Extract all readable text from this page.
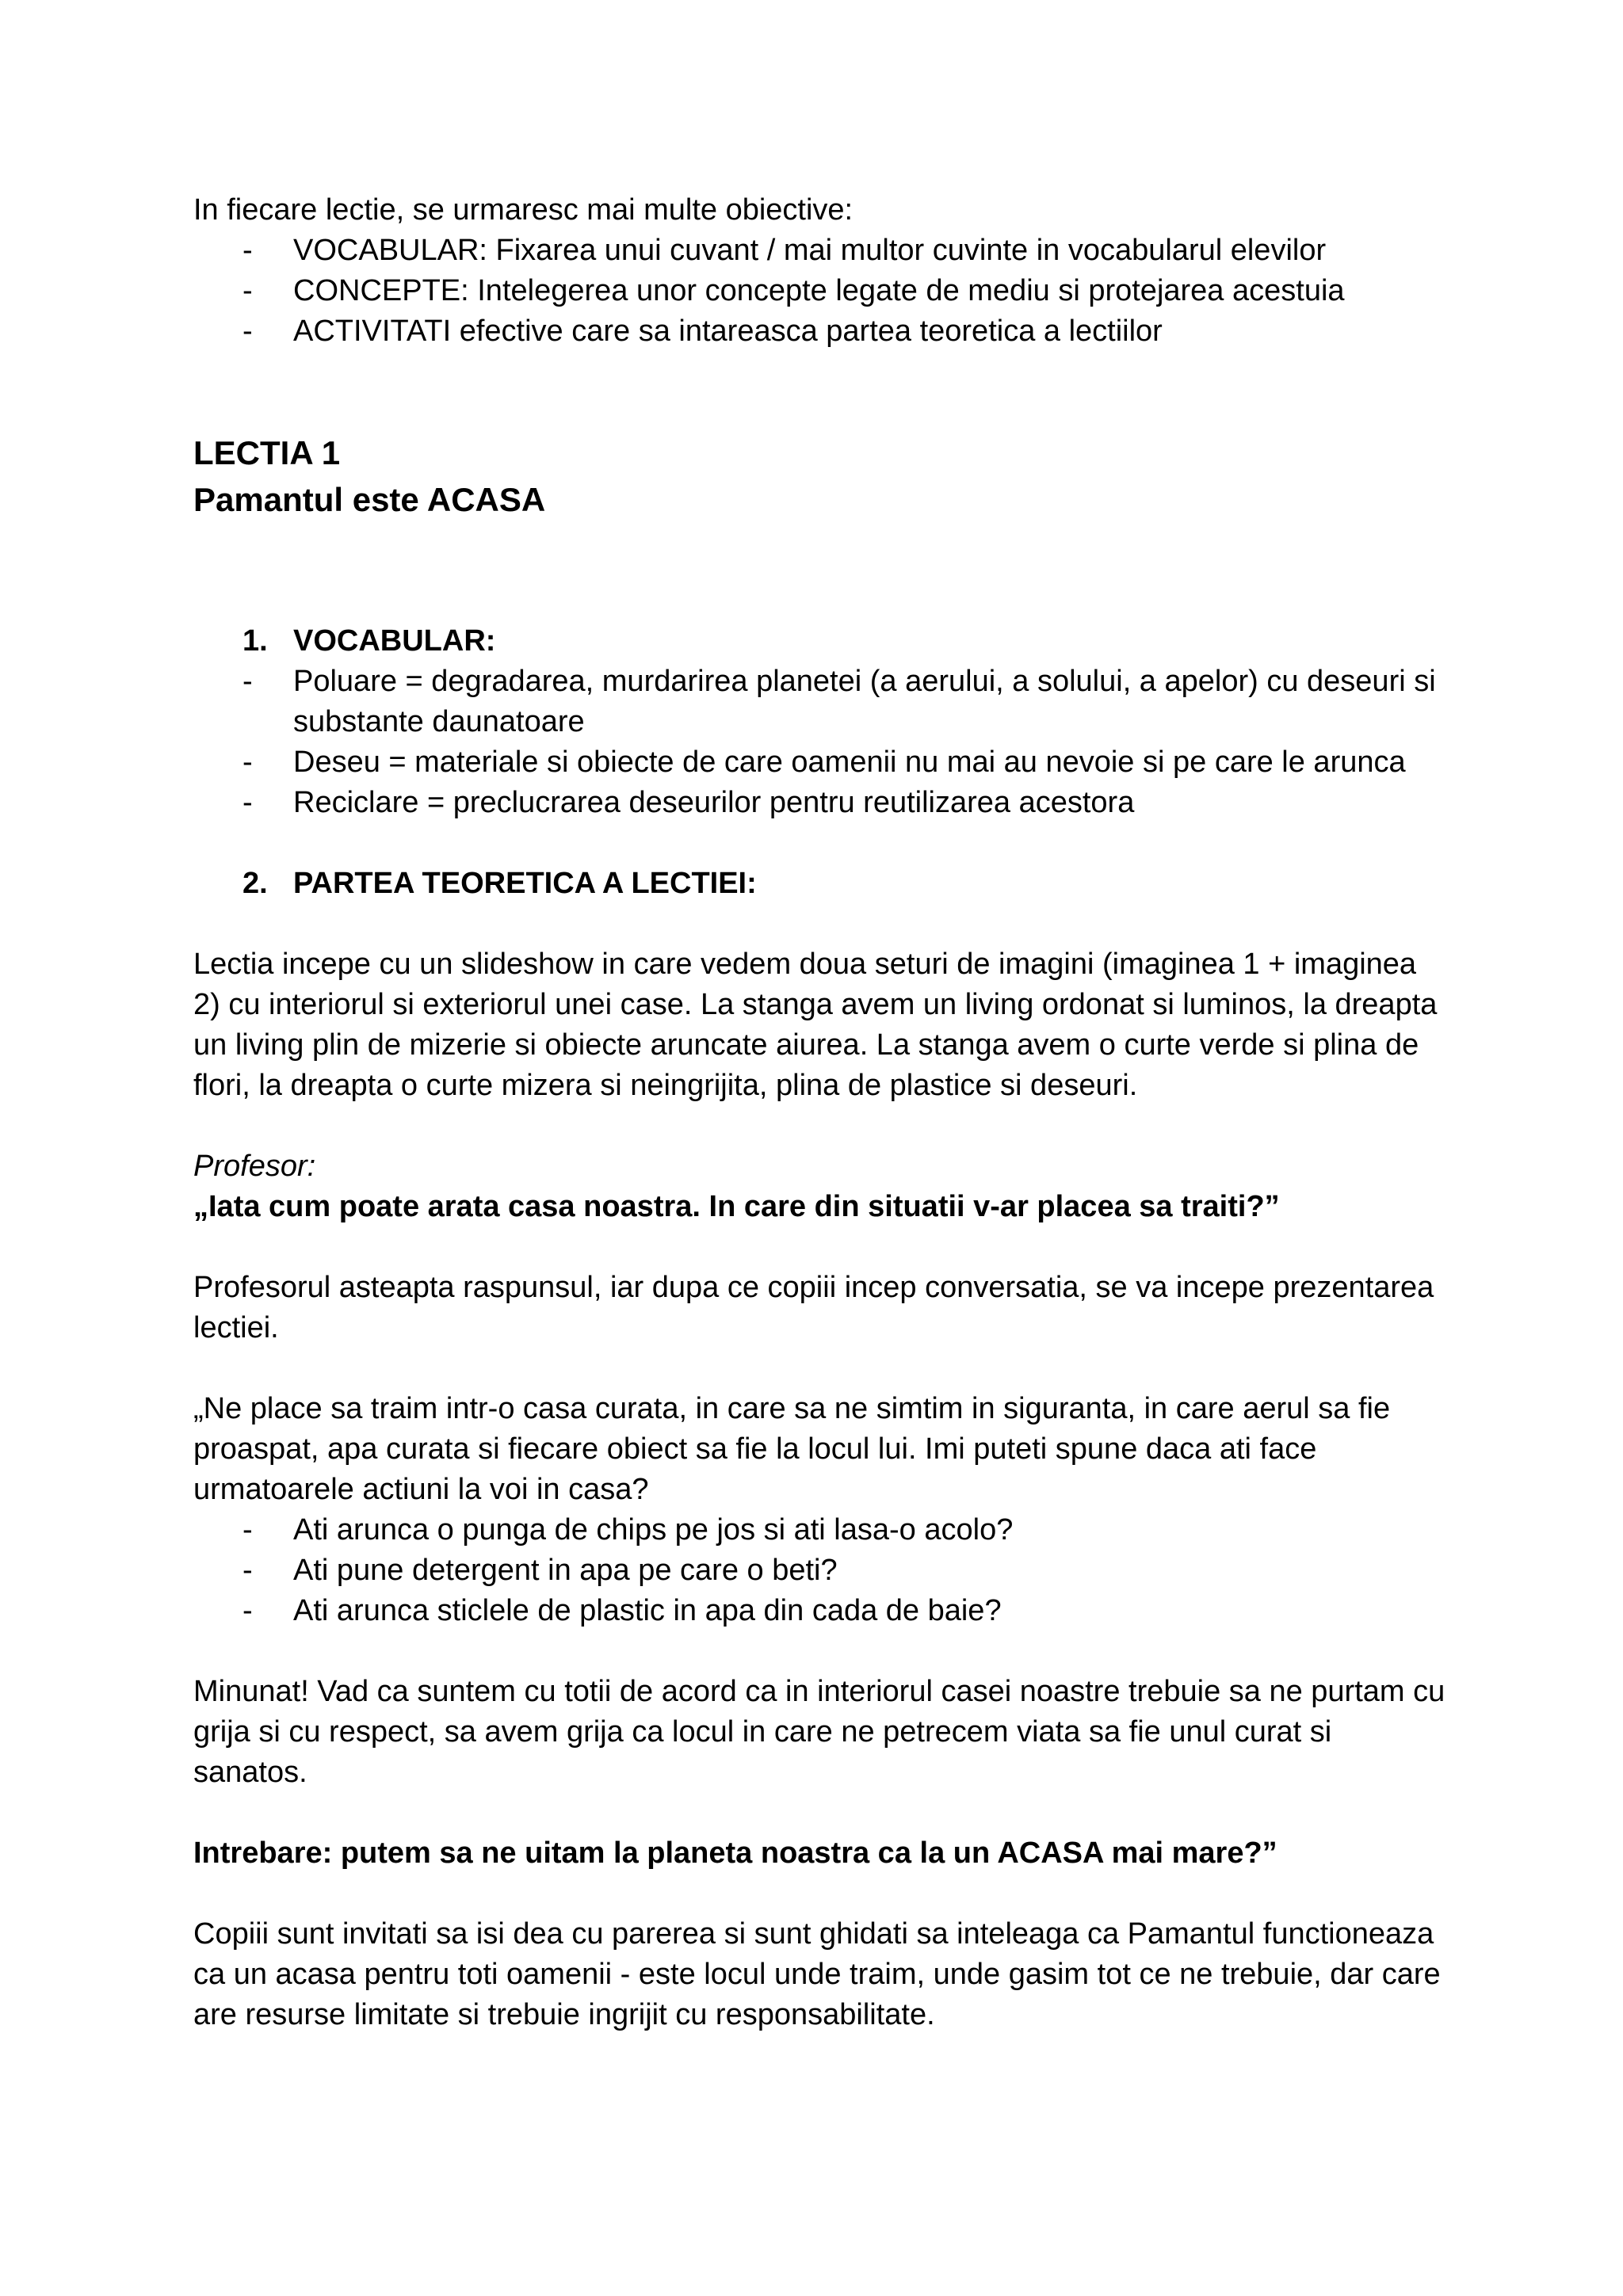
In fiecare lectie, se urmaresc mai multe obiective:

- VOCABULAR: Fixarea unui cuvant / mai multor cuvinte in vocabularul elevilor
- CONCEPTE: Intelegerea unor concepte legate de mediu si protejarea acestuia
- ACTIVITATI efective care sa intareasca partea teoretica a lectiilor

LECTIA 1

Pamantul este ACASA

1. VOCABULAR:

- Poluare = degradarea, murdarirea planetei (a aerului, a solului, a apelor) cu deseuri si substante daunatoare
- Deseu = materiale si obiecte de care oamenii nu mai au nevoie si pe care le arunca
- Reciclare = preclucrarea deseurilor pentru reutilizarea acestora

2. PARTEA TEORETICA A LECTIEI:

Lectia incepe cu un slideshow in care vedem doua seturi de imagini (imaginea 1 + imaginea 2) cu interiorul si exteriorul unei case. La stanga avem un living ordonat si luminos, la dreapta un living plin de mizerie si obiecte aruncate aiurea. La stanga avem o curte verde si plina de flori, la dreapta o curte mizera si neingrijita, plina de plastice si deseuri.

Profesor:

„Iata cum poate arata casa noastra. In care din situatii v-ar placea sa traiti?”

Profesorul asteapta raspunsul, iar dupa ce copiii incep conversatia, se va incepe prezentarea lectiei.

„Ne place sa traim intr-o casa curata, in care sa ne simtim in siguranta, in care aerul sa fie proaspat, apa curata si fiecare obiect sa fie la locul lui. Imi puteti spune daca ati face urmatoarele actiuni la voi in casa?

- Ati arunca o punga de chips pe jos si ati lasa-o acolo?
- Ati pune detergent in apa pe care o beti?
- Ati arunca sticlele de plastic in apa din cada de baie?

Minunat! Vad ca suntem cu totii de acord ca in interiorul casei noastre trebuie sa ne purtam cu grija si cu respect, sa avem grija ca locul in care ne petrecem viata sa fie unul curat si sanatos.

Intrebare: putem sa ne uitam la planeta noastra ca la un ACASA mai mare?”

Copiii sunt invitati sa isi dea cu parerea si sunt ghidati sa inteleaga ca Pamantul functioneaza ca un acasa pentru toti oamenii - este locul unde traim, unde gasim tot ce ne trebuie, dar care are resurse limitate si trebuie ingrijit cu responsabilitate.
